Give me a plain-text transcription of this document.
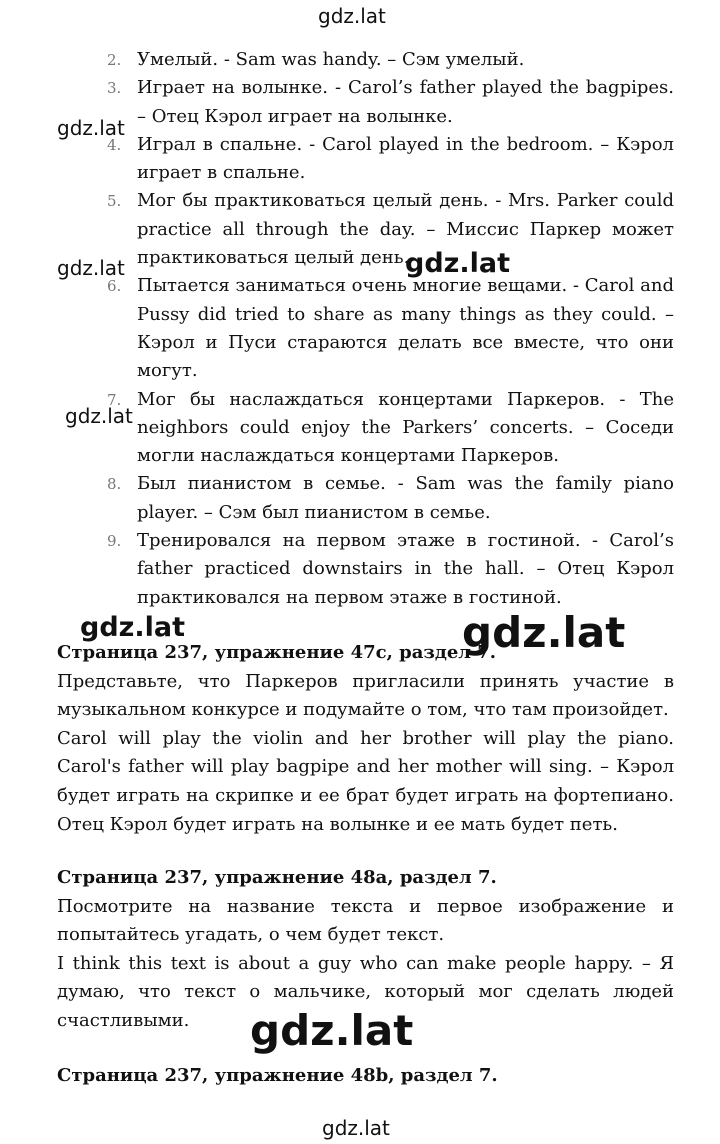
gdz.lat
2. Умелый. - Sam was handy. – Сэм умелый.
3. Играет на волынке. - Carol’s father played the bagpipes. – Отец Кэрол играет на волынке.
4. Играл в спальне. - Carol played in the bedroom. – Кэрол играет в спальне.
5. Мог бы практиковаться целый день. - Mrs. Parker could practice all through the day. – Миссис Паркер может практиковаться целый день.
6. Пытается заниматься очень многие вещами. - Carol and Pussy did tried to share as many things as they could. – Кэрол и Пуси стараются делать все вместе, что они могут.
7. Мог бы наслаждаться концертами Паркеров. - The neighbors could enjoy the Parkers’ concerts. – Соседи могли наслаждаться концертами Паркеров.
8. Был пианистом в семье. - Sam was the family piano player. – Сэм был пианистом в семье.
9. Тренировался на первом этаже в гостиной. - Carol’s father practiced downstairs in the hall. – Отец Кэрол практиковался на первом этаже в гостиной.
gdz.lat
gdz.lat	gdz.lat
gdz.lat
Страница 237, упражнение 47c, раздел 7.

Представьте, что Паркеров пригласили принять участие в музыкальном конкурсе и подумайте о том, что там произойдет.

Carol will play the violin and her brother will play the piano. Carol's father will play bagpipe and her mother will sing. – Кэрол будет играть на скрипке и ее брат будет играть на фортепиано. Отец Кэрол будет играть на волынке и ее мать будет петь.

gdz.lat	gdz.lat
Страница 237, упражнение 48a, раздел 7.

Посмотрите на название текста и первое изображение и попытайтесь угадать, о чем будет текст.

I think this text is about a guy who can make people happy. – Я думаю, что текст о мальчике, который мог сделать людей счастливыми.	gdz.lat
Страница 237, упражнение 48b, раздел 7.
gdz.lat
